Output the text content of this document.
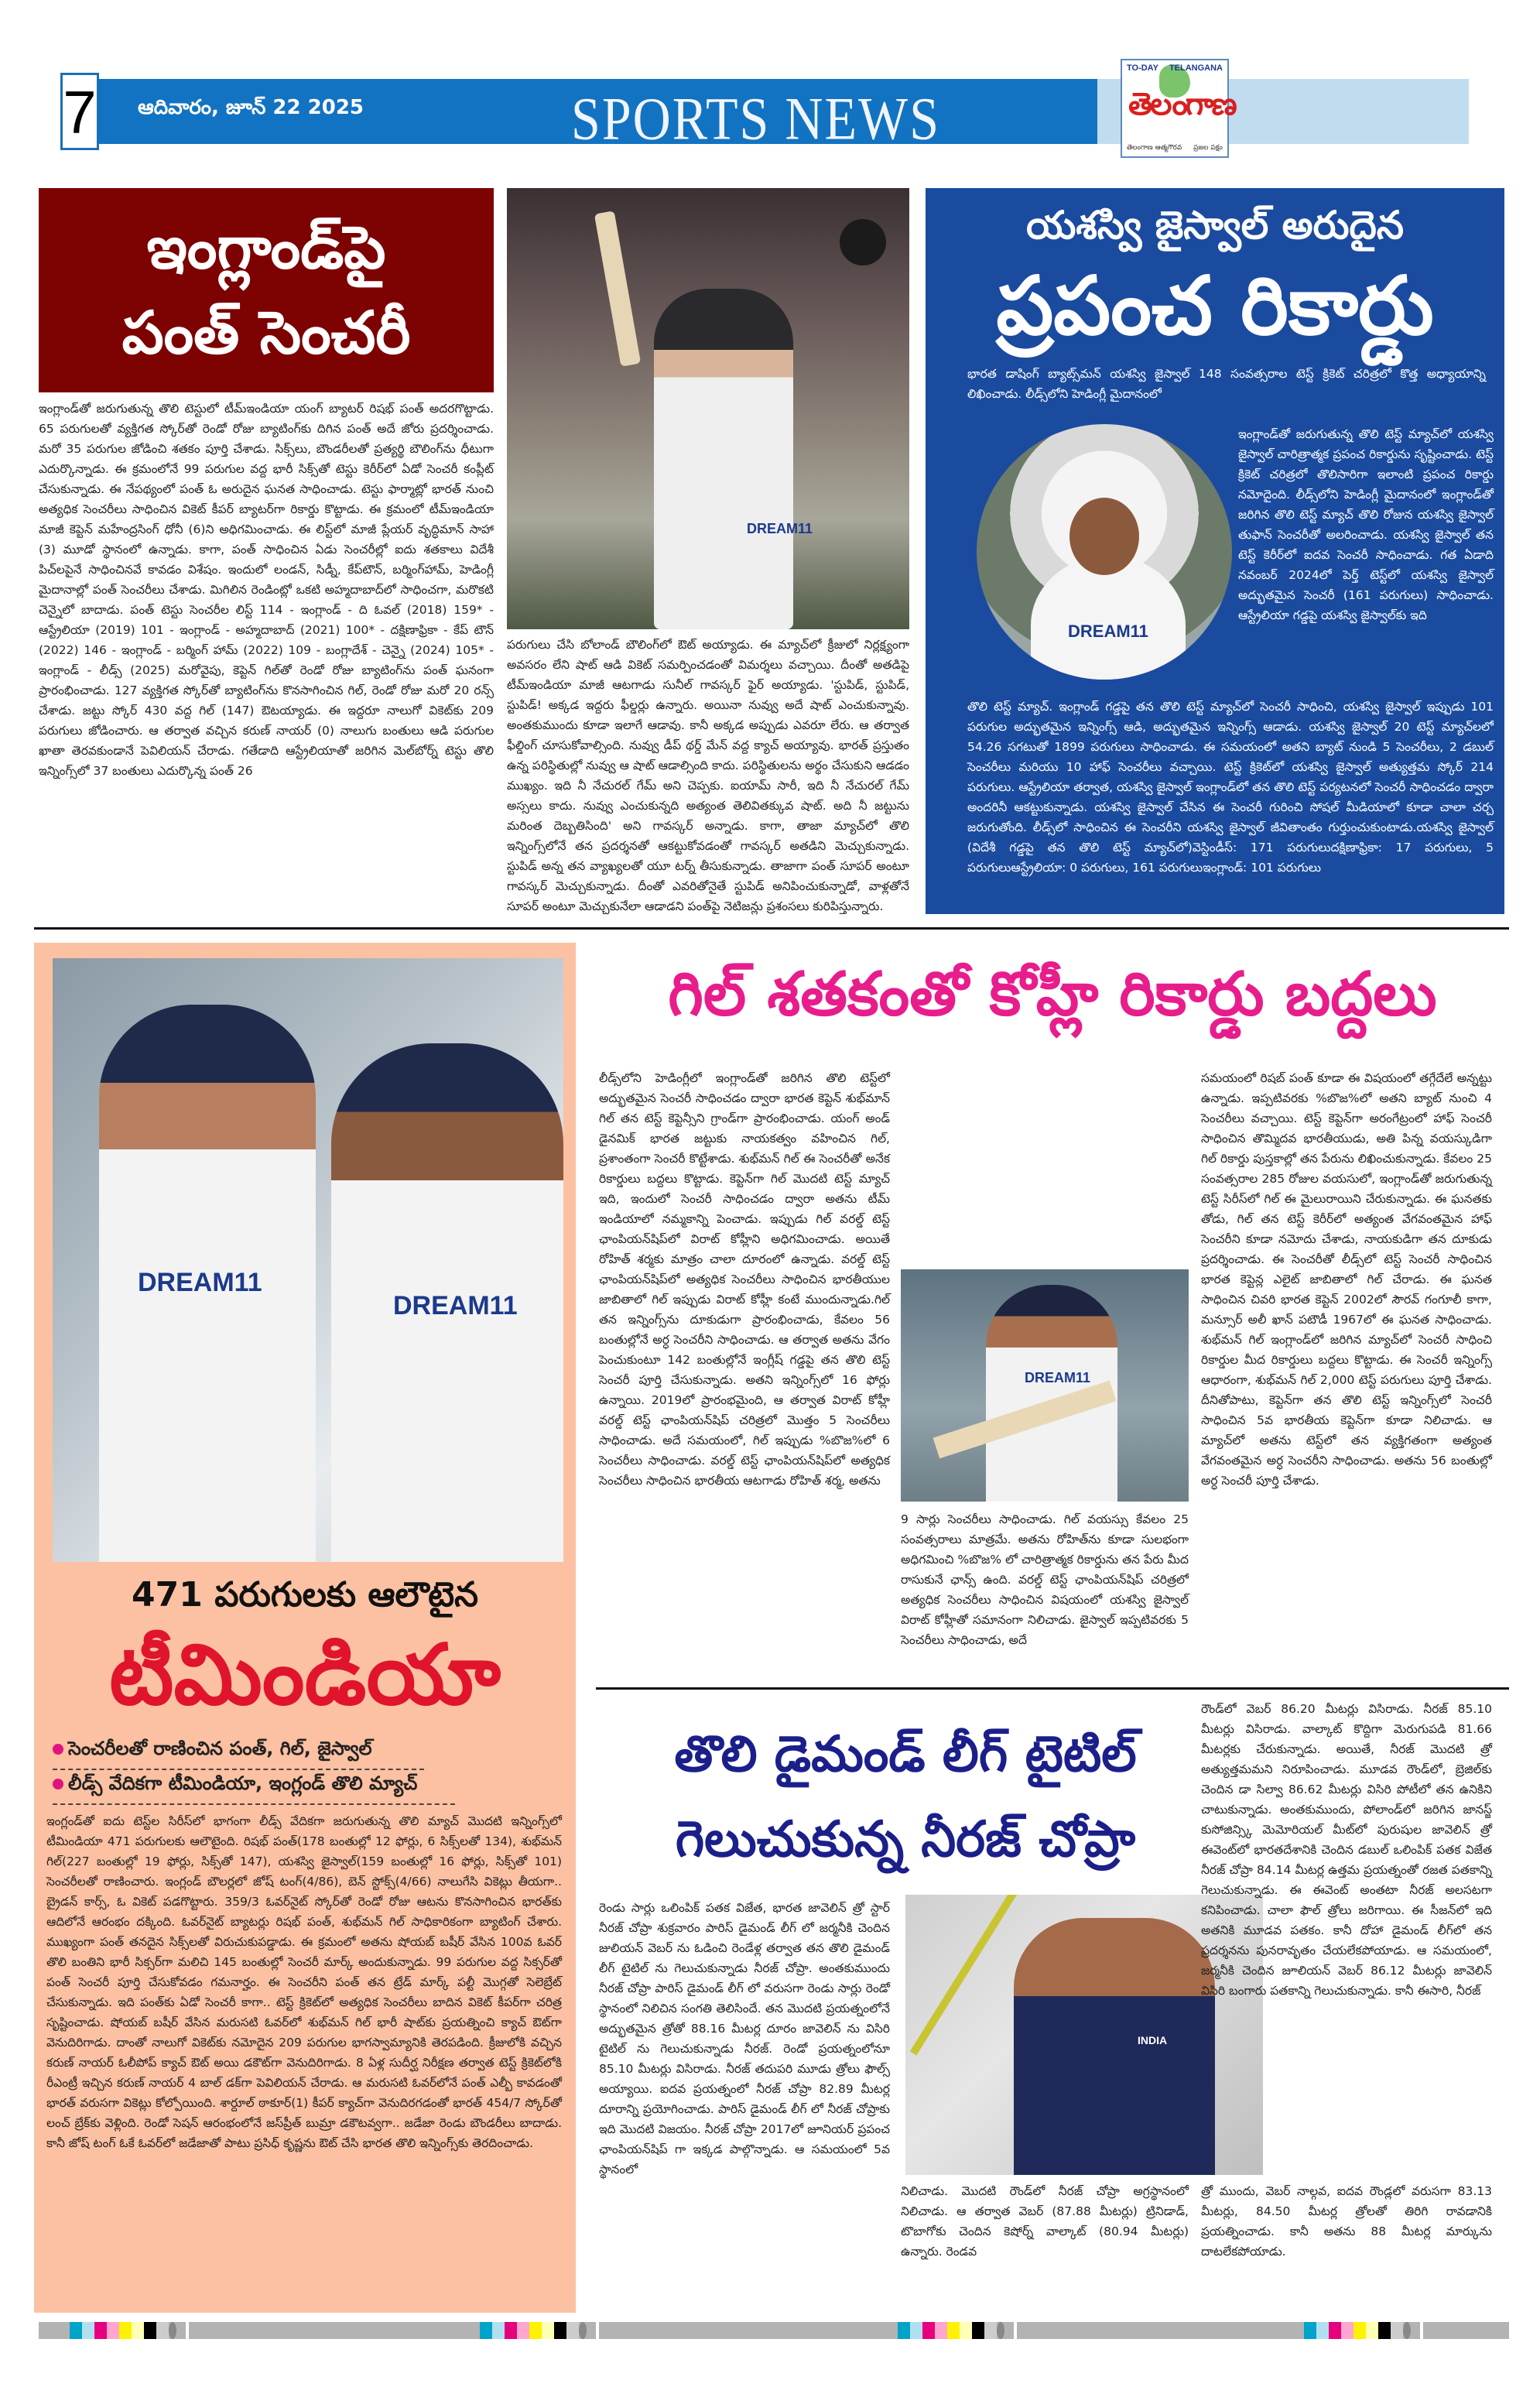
7 ఆదివారం, జూన్ 22 2025	SPORTS NEWS
TO-DAY TELANGANA
తెలంగాణ
తెలంగాణ ఆత్మగౌరవ ప్రజల పక్షం
ఇంగ్లాండ్‌పై
పంత్ సెంచరీ
ఇంగ్లాండ్‌తో జరుగుతున్న తొలి టెస్టులో టీమ్ఇండియా యంగ్ బ్యాటర్ రిషభ్ పంత్ అదరగొట్టాడు. 65 పరుగులతో వ్యక్తిగత స్కోర్‌తో రెండో రోజు బ్యాటింగ్‌కు దిగిన పంత్ అదే జోరు ప్రదర్శించాడు. మరో 35 పరుగుల జోడించి శతకం పూర్తి చేశాడు. సిక్స్‌లు, బౌండరీలతో ప్రత్యర్థి బౌలింగ్‌ను ధీటుగా ఎదుర్కొన్నాడు. ఈ క్రమంలోనే 99 పరుగుల వద్ద భారీ సిక్స్‌తో టెస్టు కెరీర్‌లో ఏడో సెంచరీ కంప్లీట్ చేసుకున్నాడు. ఈ నేపథ్యంలో పంత్ ఓ అరుదైన ఘనత సాధించాడు. టెస్టు ఫార్మాట్లో భారత్ నుంచి అత్యధిక సెంచరీలు సాధించిన వికెట్ కీపర్ బ్యాటర్‌గా రికార్డు కొట్టాడు. ఈ క్రమంలో టీమ్ఇండియా మాజీ కెప్టెన్ మహేంద్రసింగ్ ధోనీ (6)ని అధిగమించాడు. ఈ లిస్ట్‌లో మాజీ ప్లేయర్ వృద్ధిమాన్ సాహా (3) మూడో స్థానంలో ఉన్నాడు. కాగా, పంత్ సాధించిన ఏడు సెంచరీల్లో ఐదు శతకాలు విదేశీ పిచ్‌లపైనే సాధించినవే కావడం విశేషం. ఇందులో లండన్, సిడ్నీ, కేప్‌టౌన్, బర్మింగ్‌హామ్, హెడింగ్లీ మైదానాల్లో పంత్ సెంచరీలు చేశాడు. మిగిలిన రెండింట్లో ఒకటి అహ్మదాబాద్‌లో సాధించగా, మరొకటి చెన్నైలో బాదాడు. పంత్ టెస్టు సెంచరీల లిస్ట్ 114 - ఇంగ్లాండ్ - ది ఓవల్ (2018) 159* - ఆస్ట్రేలియా (2019) 101 - ఇంగ్లాండ్ - అహ్మదాబాద్ (2021) 100* - దక్షిణాఫ్రికా - కేప్ టౌన్ (2022) 146 - ఇంగ్లాండ్ - బర్మింగ్ హామ్ (2022) 109 - బంగ్లాదేశ్ - చెన్నై (2024) 105* - ఇంగ్లాండ్ - లీడ్స్ (2025) మరోవైపు, కెప్టెన్ గిల్‌తో రెండో రోజు బ్యాటింగ్‌ను పంత్ ఘనంగా ప్రారంభించాడు. 127 వ్యక్తిగత స్కోర్‌తో బ్యాటింగ్‌ను కొనసాగించిన గిల్, రెండో రోజు మరో 20 రన్స్ చేశాడు. జట్టు స్కోర్ 430 వద్ద గిల్ (147) ఔటయ్యాడు. ఈ ఇద్దరూ నాలుగో వికెట్‌కు 209 పరుగులు జోడించారు. ఆ తర్వాత వచ్చిన కరుణ్ నాయర్ (0) నాలుగు బంతులు ఆడి పరుగుల ఖాతా తెరవకుండానే పెవిలియన్ చేరాడు. గతేడాది ఆస్ట్రేలియాతో జరిగిన మెల్‌బోర్న్ టెస్టు తొలి ఇన్నింగ్స్‌లో 37 బంతులు ఎదుర్కొన్న పంత్ 26
DREAM11
పరుగులు చేసి బోలాండ్ బౌలింగ్‌లో ఔట్ అయ్యాడు. ఈ మ్యాచ్‌లో క్రీజులో నిర్లక్ష్యంగా అవసరం లేని షాట్ ఆడి వికెట్ సమర్పించడంతో విమర్శలు వచ్చాయి. దీంతో అతడిపై టీమ్ఇండియా మాజీ ఆటగాడు సునీల్ గావస్కర్ ఫైర్ అయ్యాడు. 'స్టుపిడ్, స్టుపిడ్, స్టుపిడ్! అక్కడ ఇద్దరు ఫీల్డర్లు ఉన్నారు. అయినా నువ్వు అదే షాట్ ఎంచుకున్నావు. అంతకుముందు కూడా ఇలాగే ఆడావు. కానీ అక్కడ అప్పుడు ఎవరూ లేరు. ఆ తర్వాత ఫీల్డింగ్ చూసుకోవాల్సింది. నువ్వు డీప్ థర్డ్ మేన్ వద్ద క్యాచ్ అయ్యావు. భారత్ ప్రస్తుతం ఉన్న పరిస్థితుల్లో నువ్వు ఆ షాట్ ఆడాల్సింది కాదు. పరిస్థితులను అర్థం చేసుకుని ఆడడం ముఖ్యం. ఇది నీ నేచురల్ గేమ్ అని చెప్పకు. ఐయామ్ సారీ, ఇది నీ నేచురల్ గేమ్ అస్సలు కాదు. నువ్వు ఎంచుకున్నది అత్యంత తెలివితక్కువ షాట్. అది నీ జట్టును మరింత దెబ్బతిసింది' అని గావస్కర్ అన్నాడు. కాగా, తాజా మ్యాచ్‌లో తొలి ఇన్నింగ్స్‌లోనే తన ప్రదర్శనతో ఆకట్టుకోవడంతో గావస్కర్ అతడిని మెచ్చుకున్నాడు. స్టుపిడ్ అన్న తన వ్యాఖ్యలతో యూ టర్న్ తీసుకున్నాడు. తాజాగా పంత్ సూపర్ అంటూ గావస్కర్ మెచ్చుకున్నాడు. దీంతో ఎవరితోనైతే స్టుపిడ్ అనిపించుకున్నాడో, వాళ్లతోనే సూపర్ అంటూ మెచ్చుకునేలా ఆడాడని పంత్‌పై నెటిజన్లు ప్రశంసలు కురిపిస్తున్నారు.
యశస్వి జైస్వాల్ అరుదైన
ప్రపంచ రికార్డు
భారత డాషింగ్ బ్యాట్స్‌మన్ యశస్వి జైస్వాల్ 148 సంవత్సరాల టెస్ట్ క్రికెట్ చరిత్రలో కొత్త అధ్యాయాన్ని లిఖించాడు. లీడ్స్‌లోని హెడింగ్లీ మైదానంలో
DREAM11
ఇంగ్లాండ్‌తో జరుగుతున్న తొలి టెస్ట్ మ్యాచ్‌లో యశస్వి జైస్వాల్ చారిత్రాత్మక ప్రపంచ రికార్డును సృష్టించాడు. టెస్ట్ క్రికెట్ చరిత్రలో తొలిసారిగా ఇలాంటి ప్రపంచ రికార్డు నమోదైంది. లీడ్స్‌లోని హెడింగ్లీ మైదానంలో ఇంగ్లాండ్‌తో జరిగిన తొలి టెస్ట్ మ్యాచ్ తొలి రోజున యశస్వి జైస్వాల్ తుఫాన్ సెంచరీతో అలరించాడు. యశస్వి జైస్వాల్ తన టెస్ట్ కెరీర్‌లో ఐదవ సెంచరీ సాధించాడు. గత ఏడాది నవంబర్ 2024లో పెర్త్ టెస్ట్‌లో యశస్వి జైస్వాల్ అద్భుతమైన సెంచరీ (161 పరుగులు) సాధించాడు. ఆస్ట్రేలియా గడ్డపై యశస్వి జైస్వాల్‌కు ఇది
తొలి టెస్ట్ మ్యాచ్. ఇంగ్లాండ్ గడ్డపై తన తొలి టెస్ట్ మ్యాచ్‌లో సెంచరీ సాధించి, యశస్వి జైస్వాల్ ఇప్పుడు 101 పరుగుల అద్భుతమైన ఇన్నింగ్స్ ఆడి, అద్భుతమైన ఇన్నింగ్స్ ఆడాడు. యశస్వి జైస్వాల్ 20 టెస్ట్ మ్యాచ్‌లలో 54.26 సగటుతో 1899 పరుగులు సాధించాడు. ఈ సమయంలో అతని బ్యాట్ నుండి 5 సెంచరీలు, 2 డబుల్ సెంచరీలు మరియు 10 హాఫ్ సెంచరీలు వచ్చాయి. టెస్ట్ క్రికెట్‌లో యశస్వి జైస్వాల్ అత్యుత్తమ స్కోర్ 214 పరుగులు. ఆస్ట్రేలియా తర్వాత, యశస్వి జైస్వాల్ ఇంగ్లాండ్‌లో తన తొలి టెస్ట్ పర్యటనలో సెంచరీ సాధించడం ద్వారా అందరినీ ఆకట్టుకున్నాడు. యశస్వి జైస్వాల్ చేసిన ఈ సెంచరీ గురించి సోషల్ మీడియాలో కూడా చాలా చర్చ జరుగుతోంది. లీడ్స్‌లో సాధించిన ఈ సెంచరీని యశస్వి జైస్వాల్ జీవితాంతం గుర్తుంచుకుంటాడు.యశస్వి జైస్వాల్ (విదేశీ గడ్డపై తన తొలి టెస్ట్ మ్యాచ్‌లో)వెస్టిండీస్: 171 పరుగులుదక్షిణాఫ్రికా: 17 పరుగులు, 5 పరుగులుఆస్ట్రేలియా: 0 పరుగులు, 161 పరుగులుఇంగ్లాండ్: 101 పరుగులు
DREAM11
DREAM11
471 పరుగులకు ఆలౌటైన
టీమిండియా
సెంచరీలతో రాణించిన పంత్, గిల్, జైస్వాల్
లీడ్స్ వేదికగా టీమిండియా, ఇంగ్లండ్ తొలి మ్యాచ్
ఇంగ్లండ్‌తో ఐదు టెస్ట్‌ల సిరీస్‌లో భాగంగా లీడ్స్ వేదికగా జరుగుతున్న తొలి మ్యాచ్ మొదటి ఇన్నింగ్స్‌లో టీమిండియా 471 పరుగులకు ఆలౌటైంది. రిషభ్ పంత్(178 బంతుల్లో 12 ఫోర్లు, 6 సిక్స్‌లతో 134), శుభ్‌మన్ గిల్(227 బంతుల్లో 19 ఫోర్లు, సిక్స్‌తో 147), యశస్వి జైస్వాల్(159 బంతుల్లో 16 ఫోర్లు, సిక్స్‌తో 101) సెంచరీలతో రాణించారు. ఇంగ్లండ్ బౌలర్లలో జోష్ టంగ్(4/86), బెన్ స్టోక్స్(4/66) నాలుగేసి వికెట్లు తీయగా.. బ్రైడన్ కార్స్, ఓ వికెట్ పడగొట్టారు. 359/3 ఓవర్‌నైట్ స్కోర్‌తో రెండో రోజు ఆటను కొనసాగించిన భారత్‌కు ఆదిలోనే ఆరంభం దక్కింది. ఓవర్‌నైట్ బ్యాటర్లు రిషభ్ పంత్, శుభ్‌మన్ గిల్ సాధికారికంగా బ్యాటింగ్ చేశారు. ముఖ్యంగా పంత్ తనదైన సిక్స్‌లతో విరుచుకుపడ్డాడు. ఈ క్రమంలో అతను షోయబ్ బషీర్ వేసిన 100వ ఓవర్ తొలి బంతిని భారీ సిక్సర్‌గా మలిచి 145 బంతుల్లో సెంచరీ మార్క్ అందుకున్నాడు. 99 పరుగుల వద్ద సిక్సర్‌తో పంత్ సెంచరీ పూర్తి చేసుకోవడం గమనార్హం. ఈ సెంచరీని పంత్ తన ట్రేడ్ మార్క్ పల్టీ మొగ్గతో సెలెబ్రేట్ చేసుకున్నాడు. ఇది పంత్‌కు ఏడో సెంచరీ కాగా.. టెస్ట్ క్రికెట్‌లో అత్యధిక సెంచరీలు బాదిన వికెట్ కీపర్‌గా చరిత్ర సృష్టించాడు. షోయబ్ బషీర్ వేసిన మరుసటి ఓవర్‌లో శుభ్‌మన్ గిల్ భారీ షాట్‌కు ప్రయత్నించి క్యాచ్ ఔట్‌గా వెనుదిరిగాడు. దాంతో నాలుగో వికెట్‌కు నమోదైన 209 పరుగుల భాగస్వామ్యానికి తెరపడింది. క్రీజులోకి వచ్చిన కరుణ్ నాయర్ ఓలీపోప్ క్యాచ్ ఔట్ అయి డకౌట్‌గా వెనుదిరిగాడు. 8 ఏళ్ల సుదీర్ఘ నిరీక్షణ తర్వాత టెస్ట్ క్రికెట్‌లోకి రీఎంట్రీ ఇచ్చిన కరుణ్ నాయర్ 4 బాల్ డక్‌గా పెవిలియన్ చేరాడు. ఆ మరుసటి ఓవర్‌లోనే పంత్ ఎల్బీ కావడంతో భారత్ వరుసగా వికెట్లు కోల్పోయింది. శార్దూల్ ఠాకూర్(1) కీపర్ క్యాచ్‌గా వెనుదిరగడంతో భారత్ 454/7 స్కోర్‌తో లంచ్ బ్రేక్‌కు వెళ్లింది. రెండో సెషన్ ఆరంభంలోనే జస్‌ప్రీత్ బుమ్రా డకౌటవ్వగా.. జడేజా రెండు బౌండరీలు బాదాడు. కానీ జోష్ టంగ్ ఓకే ఓవర్‌లో జడేజాతో పాటు ప్రసిధ్ కృష్ణను ఔట్ చేసి భారత తొలి ఇన్నింగ్స్‌కు తెరదించాడు.
గిల్ శతకంతో కోహ్లీ రికార్డు బద్దలు
లీడ్స్‌లోని హెడింగ్లీలో ఇంగ్లాండ్‌తో జరిగిన తొలి టెస్ట్‌లో అద్భుతమైన సెంచరీ సాధించడం ద్వారా భారత కెప్టెన్ శుభ్‌మాన్ గిల్ తన టెస్ట్ కెప్టెన్సీని గ్రాండ్‌గా ప్రారంభించాడు. యంగ్ అండ్ డైనమిక్ భారత జట్టుకు నాయకత్వం వహించిన గిల్, ప్రశాంతంగా సెంచరీ కొట్టేశాడు. శుభ్‌మన్ గిల్ ఈ సెంచరీతో అనేక రికార్డులు బద్దలు కొట్టాడు. కెప్టెన్‌గా గిల్ మొదటి టెస్ట్ మ్యాచ్ ఇది, ఇందులో సెంచరీ సాధించడం ద్వారా అతను టీమ్ ఇండియాలో నమ్మకాన్ని పెంచాడు. ఇప్పుడు గిల్ వరల్డ్ టెస్ట్ ఛాంపియన్‌షిప్‌లో విరాట్ కోహ్లీని అధిగమించాడు. అయితే రోహిత్ శర్మకు మాత్రం చాలా దూరంలో ఉన్నాడు. వరల్డ్ టెస్ట్ ఛాంపియన్‌షిప్‌లో అత్యధిక సెంచరీలు సాధించిన భారతీయుల జాబితాలో గిల్ ఇప్పుడు విరాట్ కోహ్లీ కంటే ముందున్నాడు.గిల్ తన ఇన్నింగ్స్‌ను దూకుడుగా ప్రారంభించాడు, కేవలం 56 బంతుల్లోనే అర్ధ సెంచరీని సాధించాడు. ఆ తర్వాత అతను వేగం పెంచుకుంటూ 142 బంతుల్లోనే ఇంగ్లీష్ గడ్డపై తన తొలి టెస్ట్ సెంచరీ పూర్తి చేసుకున్నాడు. అతని ఇన్నింగ్స్‌లో 16 ఫోర్లు ఉన్నాయి. 2019లో ప్రారంభమైంది, ఆ తర్వాత విరాట్ కోహ్లీ వరల్డ్ టెస్ట్ ఛాంపియన్‌షిప్ చరిత్రలో మొత్తం 5 సెంచరీలు సాధించాడు. అదే సమయంలో, గిల్ ఇప్పుడు %బొజ%లో 6 సెంచరీలు సాధించాడు. వరల్డ్ టెస్ట్ ఛాంపియన్‌షిప్‌లో అత్యధిక సెంచరీలు సాధించిన భారతీయ ఆటగాడు రోహిత్ శర్మ, అతను
DREAM11
9 సార్లు సెంచరీలు సాధించాడు. గిల్ వయస్సు కేవలం 25 సంవత్సరాలు మాత్రమే. అతను రోహిత్‌ను కూడా సులభంగా అధిగమించి %బొజ% లో చారిత్రాత్మక రికార్డును తన పేరు మీద రాసుకునే ఛాన్స్ ఉంది. వరల్డ్ టెస్ట్ ఛాంపియన్‌షిప్ చరిత్రలో అత్యధిక సెంచరీలు సాధించిన విషయంలో యశస్వి జైస్వాల్ విరాట్ కోహ్లీతో సమానంగా నిలిచాడు. జైస్వాల్ ఇప్పటివరకు 5 సెంచరీలు సాధించాడు, అదే
సమయంలో రిషబ్ పంత్ కూడా ఈ విషయంలో తగ్గేదేలే అన్నట్టు ఉన్నాడు. ఇప్పటివరకు %బొజ%లో అతని బ్యాట్ నుంచి 4 సెంచరీలు వచ్చాయి. టెస్ట్ కెప్టెన్‌గా అరంగేట్రంలో హాఫ్ సెంచరీ సాధించిన తొమ్మిదవ భారతీయుడు, అతి పిన్న వయస్కుడిగా గిల్ రికార్డు పుస్తకాల్లో తన పేరును లిఖించుకున్నాడు. కేవలం 25 సంవత్సరాల 285 రోజుల వయసులో, ఇంగ్లాండ్‌తో జరుగుతున్న టెస్ట్ సిరీస్‌లో గిల్ ఈ మైలురాయిని చేరుకున్నాడు. ఈ ఘనతకు తోడు, గిల్ తన టెస్ట్ కెరీర్‌లో అత్యంత వేగవంతమైన హాఫ్ సెంచరీని కూడా నమోదు చేశాడు, నాయకుడిగా తన దూకుడు ప్రదర్శించాడు. ఈ సెంచరీతో లీడ్స్‌లో టెస్ట్ సెంచరీ సాధించిన భారత కెప్టెన్ల ఎలైట్ జాబితాలో గిల్ చేరాడు. ఈ ఘనత సాధించిన చివరి భారత కెప్టెన్ 2002లో సౌరవ్ గంగూలీ కాగా, మన్సూర్ అలీ ఖాన్ పటౌడీ 1967లో ఈ ఘనత సాధించాడు. శుభ్‌మన్ గిల్ ఇంగ్లాండ్‌లో జరిగిన మ్యాచ్‌లో సెంచరీ సాధించి రికార్డుల మీద రికార్డులు బద్దలు కొట్టాడు. ఈ సెంచరీ ఇన్నింగ్స్ ఆధారంగా, శుభ్‌మన్ గిల్ 2,000 టెస్ట్ పరుగులు పూర్తి చేశాడు. దీనితోపాటు, కెప్టెన్‌గా తన తొలి టెస్ట్ ఇన్నింగ్స్‌లో సెంచరీ సాధించిన 5వ భారతీయ కెప్టెన్‌గా కూడా నిలిచాడు. ఆ మ్యాచ్‌లో అతను టెస్ట్‌లో తన వ్యక్తిగతంగా అత్యంత వేగవంతమైన అర్ధ సెంచరీని సాధించాడు. అతను 56 బంతుల్లో అర్ధ సెంచరీ పూర్తి చేశాడు.
తొలి డైమండ్ లీగ్ టైటిల్
గెలుచుకున్న నీరజ్ చోప్రా
రెండు సార్లు ఒలింపిక్ పతక విజేత, భారత జావెలిన్ త్రో స్టార్ నీరజ్ చోప్రా శుక్రవారం పారిస్ డైమండ్ లీగ్ లో జర్మనీకి చెందిన జులియన్ వెబర్ ను ఓడించి రెండేళ్ల తర్వాత తన తొలి డైమండ్ లీగ్ టైటిల్ ను గెలుచుకున్నాడు నీరజ్ చోప్రా. అంతకుముందు నీరజ్ చోప్రా పారిస్ డైమండ్ లీగ్ లో వరుసగా రెండు సార్లు రెండో స్థానంలో నిలిచిన సంగతి తెలిసిందే. తన మొదటి ప్రయత్నంలోనే అద్భుతమైన త్రోతో 88.16 మీటర్ల దూరం జావెలిన్ ను విసిరి టైటిల్ ను గెలుచుకున్నాడు నీరజ్. రెండో ప్రయత్నంలోనూ 85.10 మీటర్లు విసిరాడు. నీరజ్ తదుపరి మూడు త్రోలు ఫౌల్స్ అయ్యాయి. ఐదవ ప్రయత్నంలో నీరజ్ చోప్రా 82.89 మీటర్ల దూరాన్ని ప్రయోగించాడు. పారిస్ డైమండ్ లీగ్ లో నీరజ్ చోప్రాకు ఇది మొదటి విజయం. నీరజ్ చోప్రా 2017లో జూనియర్ ప్రపంచ ఛాంపియన్‌షిప్‌ గా ఇక్కడ పాల్గొన్నాడు. ఆ సమయంలో 5వ స్థానంలో
INDIA
రౌండ్‌లో వెబర్ 86.20 మీటర్లు విసిరాడు. నీరజ్ 85.10 మీటర్లు విసిరాడు. వాల్కాట్ కొద్దిగా మెరుగుపడి 81.66 మీటర్లకు చేరుకున్నాడు. అయితే, నీరజ్ మొదటి త్రో అత్యుత్తమమని నిరూపించాడు. మూడవ రౌండ్‌లో, బ్రెజిల్‌కు చెందిన డా సిల్వా 86.62 మీటర్లు విసిరి పోటీలో తన ఉనికిని చాటుకున్నాడు. అంతకుముందు, పోలాండ్‌లో జరిగిన జానస్జ్ కుసోజిన్స్కి మెమోరియల్ మీట్‌లో పురుషుల జావెలిన్ త్రో ఈవెంట్‌లో భారతదేశానికి చెందిన డబుల్ ఒలింపిక్ పతక విజేత నీరజ్ చోప్రా 84.14 మీటర్ల ఉత్తమ ప్రయత్నంతో రజత పతకాన్ని గెలుచుకున్నాడు. ఈ ఈవెంట్ అంతటా నీరజ్ అలసటగా కనిపించాడు. చాలా ఫౌల్ త్రోలు జరిగాయి. ఈ సీజన్‌లో ఇది అతనికి మూడవ పతకం. కానీ దోహా డైమండ్ లీగ్‌లో తన ప్రదర్శనను పునరావృతం చేయలేకపోయాడు. ఆ సమయంలో, జర్మనీకి చెందిన జూలియన్ వెబర్ 86.12 మీటర్లు జావెలిన్ విసిరి బంగారు పతకాన్ని గెలుచుకున్నాడు. కానీ ఈసారి, నీరజ్
నిలిచాడు. మొదటి రౌండ్‌లో నీరజ్ చోప్రా అగ్రస్థానంలో నిలిచాడు. ఆ తర్వాత వెబర్ (87.88 మీటర్లు) ట్రినిడాడ్, టొబాగోకు చెందిన కెషోర్న్ వాల్కాట్ (80.94 మీటర్లు) ఉన్నారు. రెండవ
త్రో ముందు, వెబర్ నాల్గవ, ఐదవ రౌండ్లలో వరుసగా 83.13 మీటర్లు, 84.50 మీటర్ల త్రోలతో తిరిగి రావడానికి ప్రయత్నించాడు. కానీ అతను 88 మీటర్ల మార్కును దాటలేకపోయాడు.
